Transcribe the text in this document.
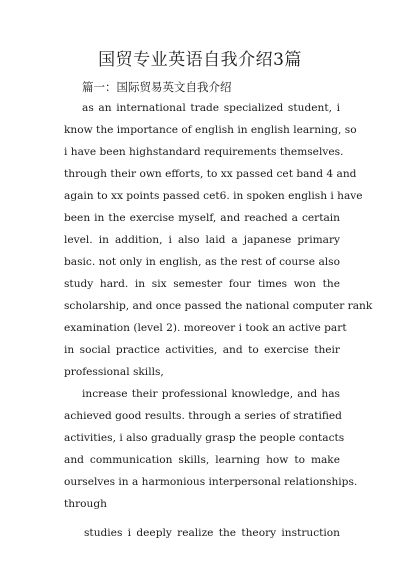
国贸专业英语自我介绍3篇
篇一：国际贸易英文自我介绍
as an international trade specialized student, i
know the importance of english in english learning, so
i have been highstandard requirements themselves.
through their own efforts, to xx passed cet band 4 and
again to xx points passed cet6. in spoken english i have
been in the exercise myself, and reached a certain
level. in addition, i also laid a japanese primary
basic. not only in english, as the rest of course also
study hard. in six semester four times won the
scholarship, and once passed the national computer rank
examination (level 2). moreover i took an active part
in social practice activities, and to exercise their
professional skills,
increase their professional knowledge, and has
achieved good results. through a series of stratified
activities, i also gradually grasp the people contacts
and communication skills, learning how to make
ourselves in a harmonious interpersonal relationships.
through
studies i deeply realize the theory instruction
